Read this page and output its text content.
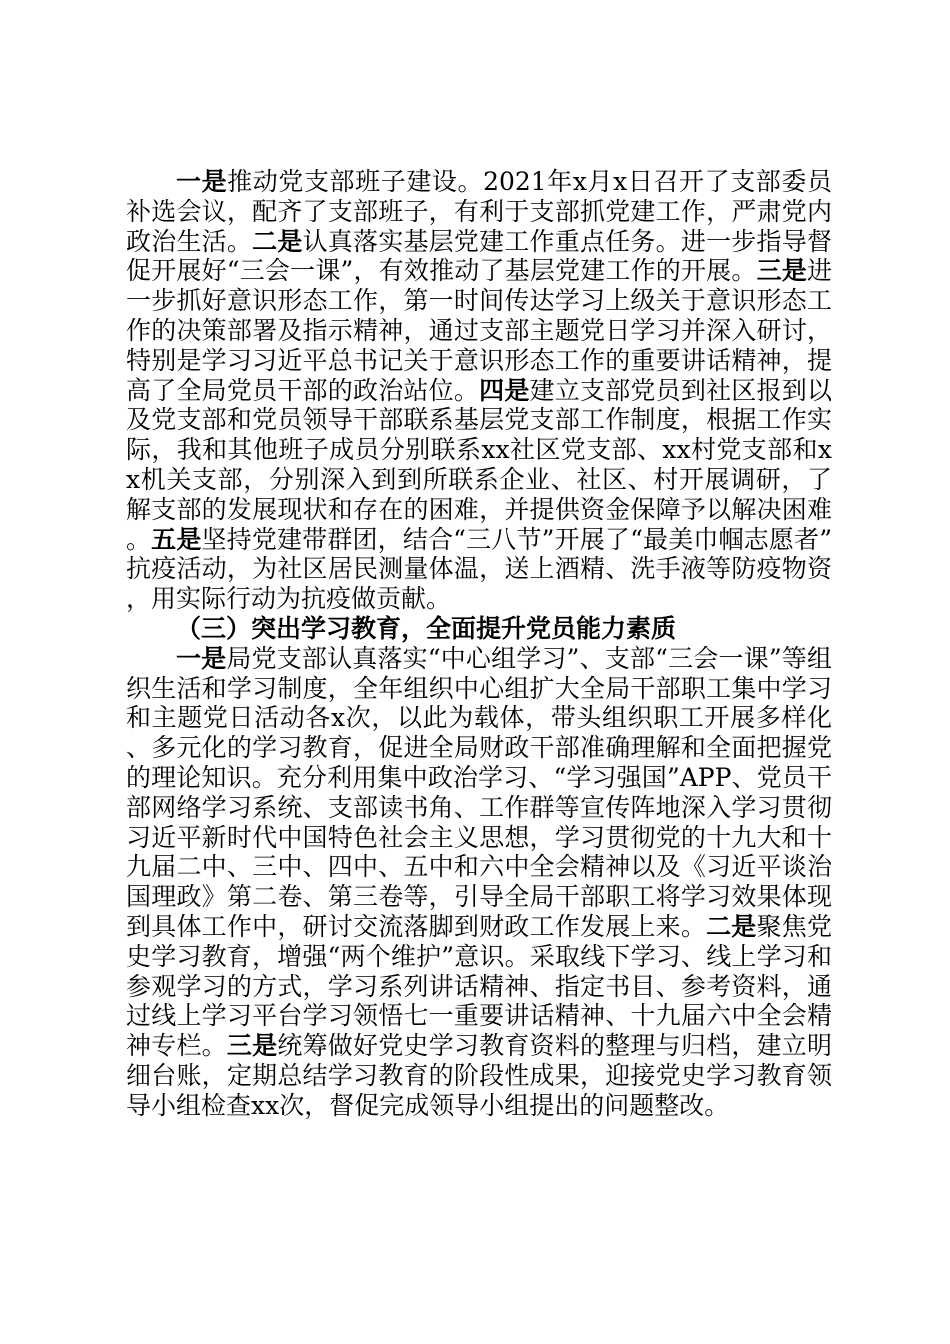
一是推动党支部班子建设。2021年x月x日召开了支部委员补选会议，配齐了支部班子，有利于支部抓党建工作，严肃党内政治生活。二是认真落实基层党建工作重点任务。进一步指导督促开展好“三会一课”，有效推动了基层党建工作的开展。三是进一步抓好意识形态工作，第一时间传达学习上级关于意识形态工作的决策部署及指示精神，通过支部主题党日学习并深入研讨，特别是学习习近平总书记关于意识形态工作的重要讲话精神，提高了全局党员干部的政治站位。四是建立支部党员到社区报到以及党支部和党员领导干部联系基层党支部工作制度，根据工作实际，我和其他班子成员分别联系xx社区党支部、xx村党支部和xx机关支部，分别深入到到所联系企业、社区、村开展调研，了解支部的发展现状和存在的困难，并提供资金保障予以解决困难。五是坚持党建带群团，结合“三八节”开展了“最美巾帼志愿者”抗疫活动，为社区居民测量体温，送上酒精、洗手液等防疫物资，用实际行动为抗疫做贡献。

（三）突出学习教育，全面提升党员能力素质

一是局党支部认真落实“中心组学习”、支部“三会一课”等组织生活和学习制度，全年组织中心组扩大全局干部职工集中学习和主题党日活动各x次，以此为载体，带头组织职工开展多样化、多元化的学习教育，促进全局财政干部准确理解和全面把握党的理论知识。充分利用集中政治学习、“学习强国”APP、党员干部网络学习系统、支部读书角、工作群等宣传阵地深入学习贯彻习近平新时代中国特色社会主义思想，学习贯彻党的十九大和十九届二中、三中、四中、五中和六中全会精神以及《习近平谈治国理政》第二卷、第三卷等，引导全局干部职工将学习效果体现到具体工作中，研讨交流落脚到财政工作发展上来。二是聚焦党史学习教育，增强“两个维护”意识。采取线下学习、线上学习和参观学习的方式，学习系列讲话精神、指定书目、参考资料，通过线上学习平台学习领悟七一重要讲话精神、十九届六中全会精神专栏。三是统筹做好党史学习教育资料的整理与归档，建立明细台账，定期总结学习教育的阶段性成果，迎接党史学习教育领导小组检查xx次，督促完成领导小组提出的问题整改。
